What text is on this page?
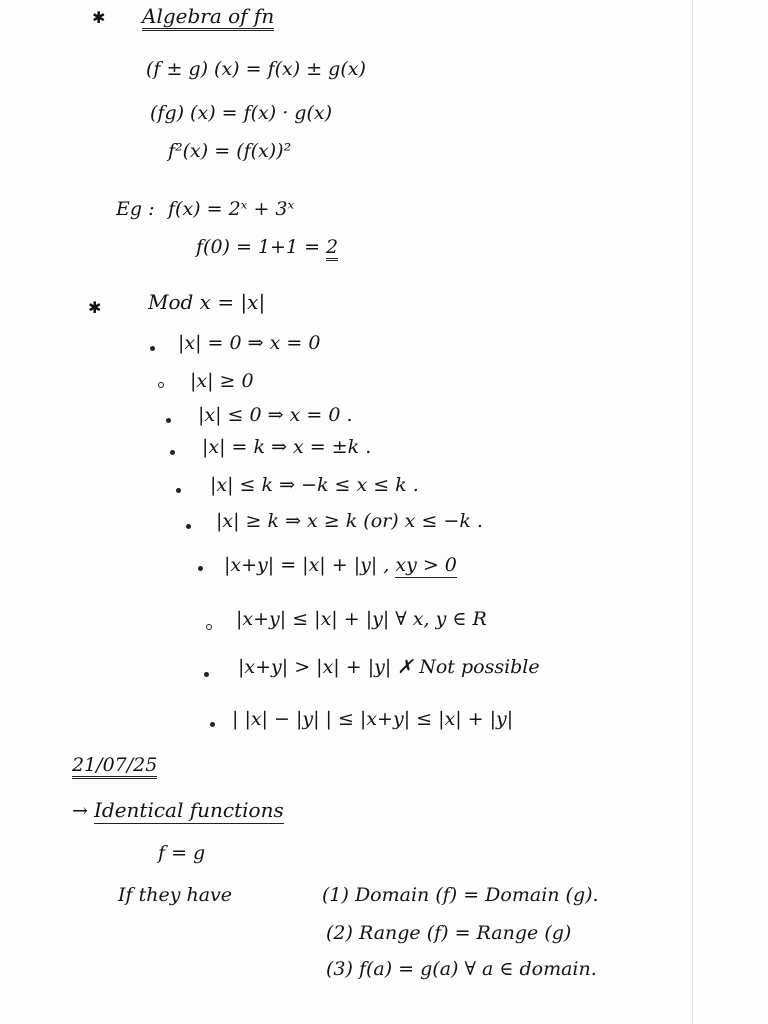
✱ Algebra of fn
(f ± g) (x) = f(x) ± g(x)
(fg) (x) = f(x) · g(x)
f²(x) = (f(x))²
Eg : f(x) = 2ˣ + 3ˣ
f(0) = 1+1 = 2
✱ Mod x = |x|
|x| = 0 ⇒ x = 0
|x| ≥ 0
|x| ≤ 0 ⇒ x = 0 .
|x| = k ⇒ x = ±k .
|x| ≤ k ⇒ −k ≤ x ≤ k .
|x| ≥ k ⇒ x ≥ k (or) x ≤ −k .
|x+y| = |x| + |y| , xy > 0
|x+y| ≤ |x| + |y| ∀ x, y ∈ R
|x+y| > |x| + |y| ✗ Not possible
| |x| − |y| | ≤ |x+y| ≤ |x| + |y|
21/07/25
→ Identical functions
f = g
If they have	(1) Domain (f) = Domain (g).
(2) Range (f) = Range (g)
(3) f(a) = g(a) ∀ a ∈ domain.
